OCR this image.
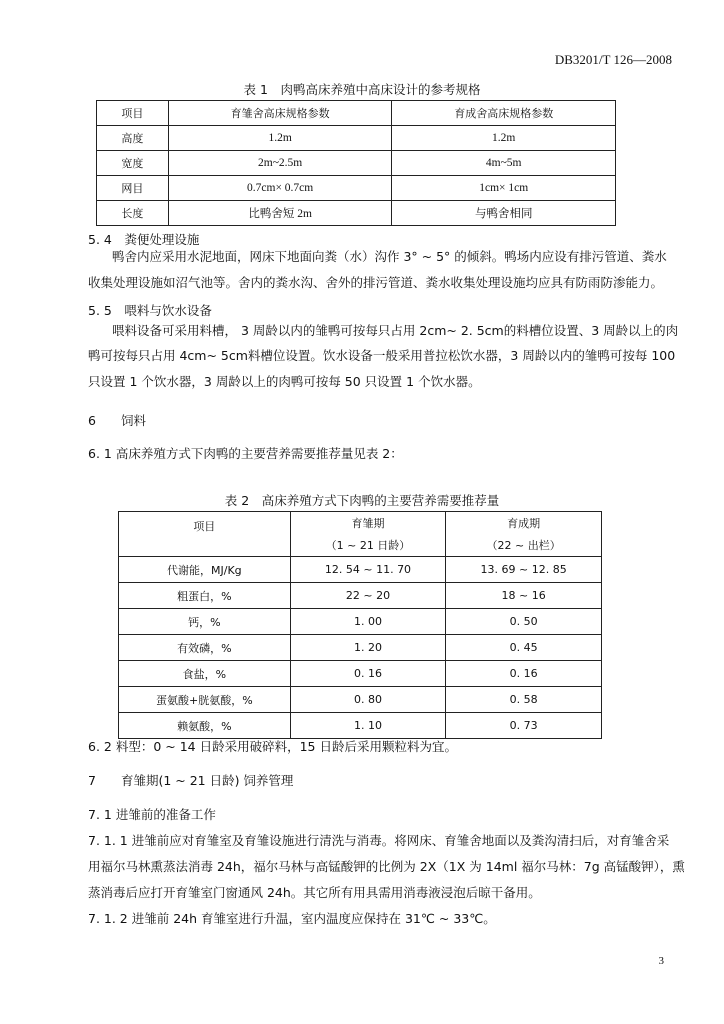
DB3201/T 126—2008
表 1　肉鸭高床养殖中高床设计的参考规格
项目	育雏舍高床规格参数	育成舍高床规格参数
高度	1.2m	1.2m
宽度	2m~2.5m	4m~5m
网目	0.7cm× 0.7cm	1cm× 1cm
长度	比鸭舍短 2m	与鸭舍相同
5. 4　粪便处理设施
鸭舍内应采用水泥地面，网床下地面向粪（水）沟作 3° ~ 5° 的倾斜。鸭场内应设有排污管道、粪水
收集处理设施如沼气池等。舍内的粪水沟、舍外的排污管道、粪水收集处理设施均应具有防雨防渗能力。
5. 5　喂料与饮水设备
喂料设备可采用料槽， 3 周龄以内的雏鸭可按每只占用 2cm~ 2. 5cm的料槽位设置、3 周龄以上的肉
鸭可按每只占用 4cm~ 5cm料槽位设置。饮水设备一般采用普拉松饮水器，3 周龄以内的雏鸭可按每 100
只设置 1 个饮水器，3 周龄以上的肉鸭可按每 50 只设置 1 个饮水器。
6　　饲料
6. 1 高床养殖方式下肉鸭的主要营养需要推荐量见表 2：
表 2　高床养殖方式下肉鸭的主要营养需要推荐量
项目	育雏期	育成期
	（1 ~ 21 日龄）	（22 ~ 出栏）
代谢能，MJ/Kg	12. 54 ~ 11. 70	13. 69 ~ 12. 85
粗蛋白，%	22 ~ 20	18 ~ 16
钙，%	1. 00	0. 50
有效磷，%	1. 20	0. 45
食盐，%	0. 16	0. 16
蛋氨酸+胱氨酸，%	0. 80	0. 58
赖氨酸，%	1. 10	0. 73
6. 2 料型：0 ~ 14 日龄采用破碎料，15 日龄后采用颗粒料为宜。
7　　育雏期(1 ~ 21 日龄) 饲养管理
7. 1 进雏前的准备工作
7. 1. 1 进雏前应对育雏室及育雏设施进行清洗与消毒。将网床、育雏舍地面以及粪沟清扫后，对育雏舍采
用福尔马林熏蒸法消毒 24h，福尔马林与高锰酸钾的比例为 2X（1X 为 14ml 福尔马林：7g 高锰酸钾），熏
蒸消毒后应打开育雏室门窗通风 24h。其它所有用具需用消毒液浸泡后晾干备用。
7. 1. 2 进雏前 24h 育雏室进行升温，室内温度应保持在 31℃ ~ 33℃。
3
